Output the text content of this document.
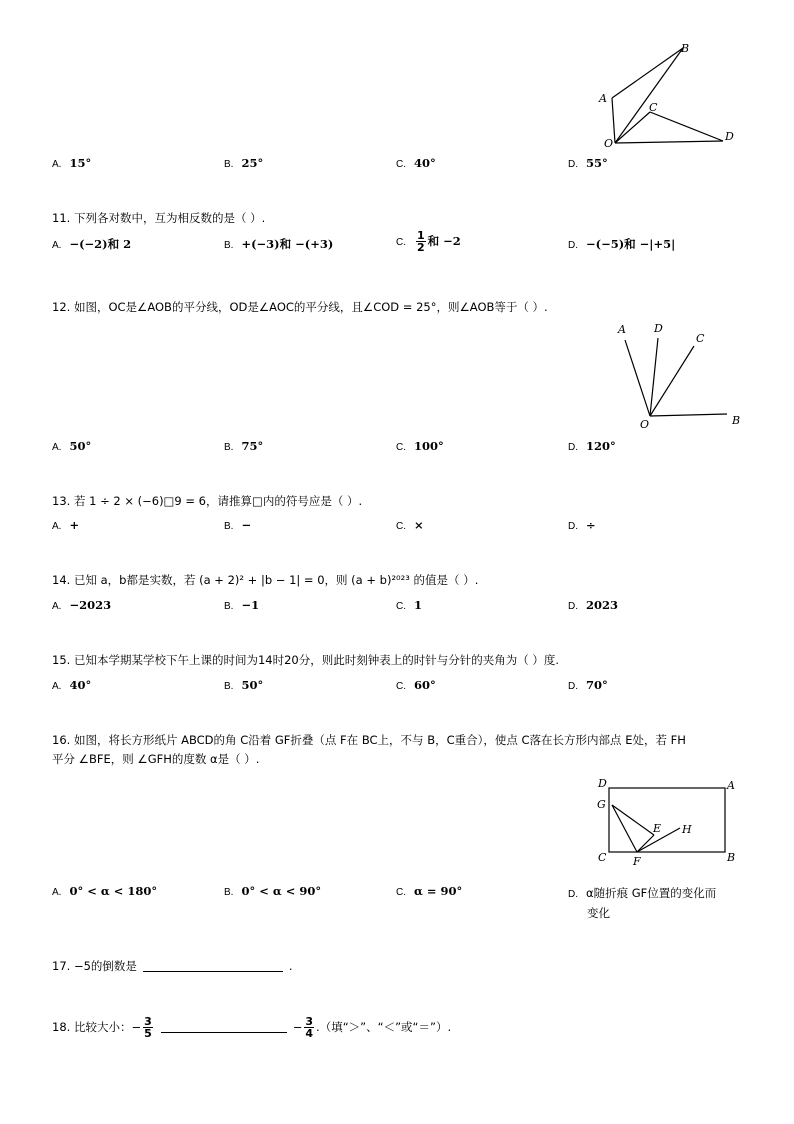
A
B
C
D
O
A. 15°	B. 25°	C. 40°	D. 55°
11. 下列各对数中，互为相反数的是（ ）.
A. −(−2)和 2	B. +(−3)和 −(+3)	C. $\frac{1}{2}$ 和 −2	D. −(−5)和 −|+5|
12. 如图，OC是∠AOB的平分线，OD是∠AOC的平分线，且∠COD = 25°，则∠AOB等于（ ）.
A	D
C
O	B
A. 50°	B. 75°	C. 100°	D. 120°
13. 若 1 ÷ 2 × (−6)□9 = 6，请推算□内的符号应是（ ）.
A. +	B. −	C. ×	D. ÷
14. 已知 a，b都是实数，若 (a + 2)² + |b − 1| = 0，则 (a + b)²⁰²³ 的值是（ ）.
A. −2023	B. −1	C. 1	D. 2023
15. 已知本学期某学校下午上课的时间为14时20分，则此时刻钟表上的时针与分针的夹角为（ ）度.
A. 40°	B. 50°	C. 60°	D. 70°
16. 如图，将长方形纸片 ABCD的角 C沿着 GF折叠（点 F在 BC上，不与 B，C重合），使点 C落在长方形内部点 E处，若 FH
平分 ∠BFE，则 ∠GFH的度数 α是（ ）.
D	A
G
E H
C F	B
A. 0° < α < 180°	B. 0° < α < 90°	C. α = 90°	D. α随折痕 GF位置的变化而
变化
17. −5的倒数是	.
18. 比较大小：− $\frac{3}{5}$	− $\frac{3}{4}$ .（填“＞”、“＜”或“＝”）.
